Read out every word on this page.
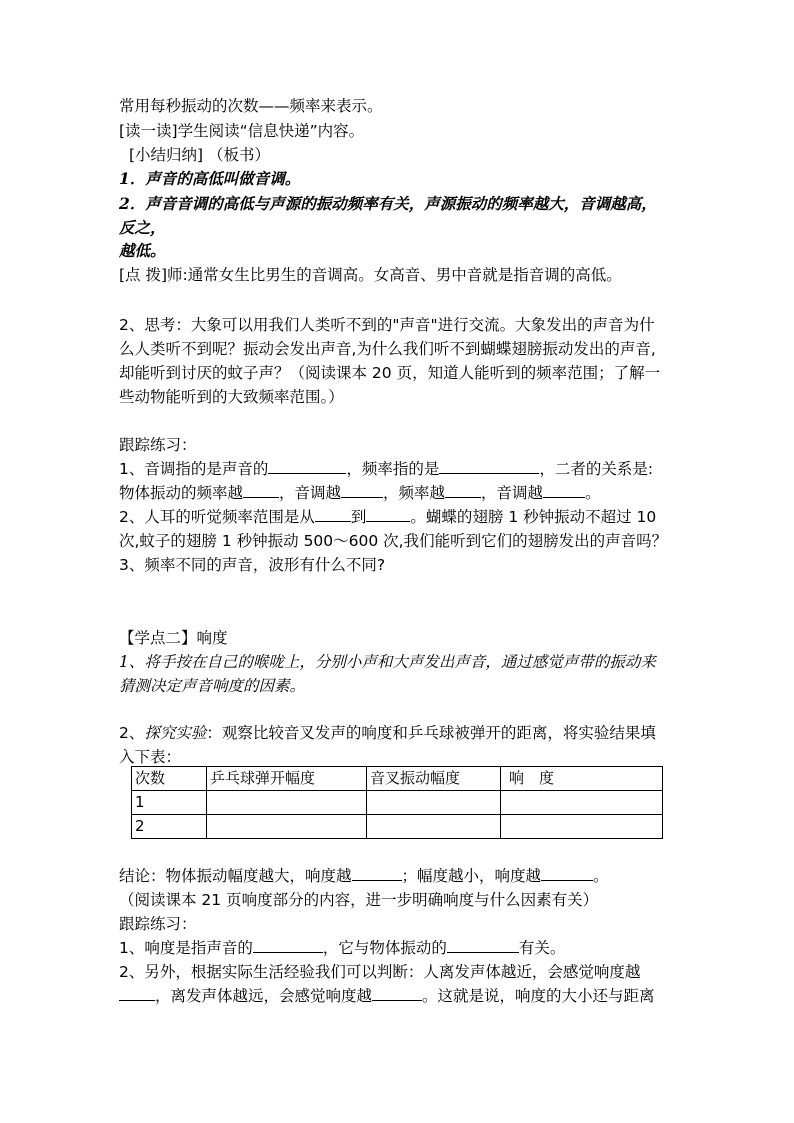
常用每秒振动的次数——频率来表示。
[读一读]学生阅读“信息快递”内容。
[小结归纳] （板书）
1．声音的高低叫做音调。
2．声音音调的高低与声源的振动频率有关，声源振动的频率越大，音调越高，
反之，
越低。
[点 拨]师:通常女生比男生的音调高。女高音、男中音就是指音调的高低。
2、思考：大象可以用我们人类听不到的"声音"进行交流。大象发出的声音为什
么人类听不到呢？振动会发出声音,为什么我们听不到蝴蝶翅膀振动发出的声音,
却能听到讨厌的蚊子声？（阅读课本 20 页，知道人能听到的频率范围；了解一
些动物能听到的大致频率范围。）
跟踪练习：
1、音调指的是声音的	，频率指的是	，二者的关系是:
物体振动的频率越 ，音调越	，频率越 ，音调越	。
2、人耳的听觉频率范围是从 到	。蝴蝶的翅膀 1 秒钟振动不超过 10
次,蚊子的翅膀 1 秒钟振动 500～600 次,我们能听到它们的翅膀发出的声音吗？
3、频率不同的声音，波形有什么不同?
【学点二】响度
1、将手按在自己的喉咙上，分别小声和大声发出声音，通过感觉声带的振动来
猜测决定声音响度的因素。
2、探究实验：观察比较音叉发声的响度和乒乓球被弹开的距离，将实验结果填
入下表：
次数	乒乓球弹开幅度	音叉振动幅度	响　度
1			
2			
结论：物体振动幅度越大，响度越	；幅度越小，响度越	。
（阅读课本 21 页响度部分的内容，进一步明确响度与什么因素有关）
跟踪练习：
1、响度是指声音的	，它与物体振动的	有关。
2、另外，根据实际生活经验我们可以判断：人离发声体越近，会感觉响度越
，离发声体越远，会感觉响度越	。这就是说，响度的大小还与距离
